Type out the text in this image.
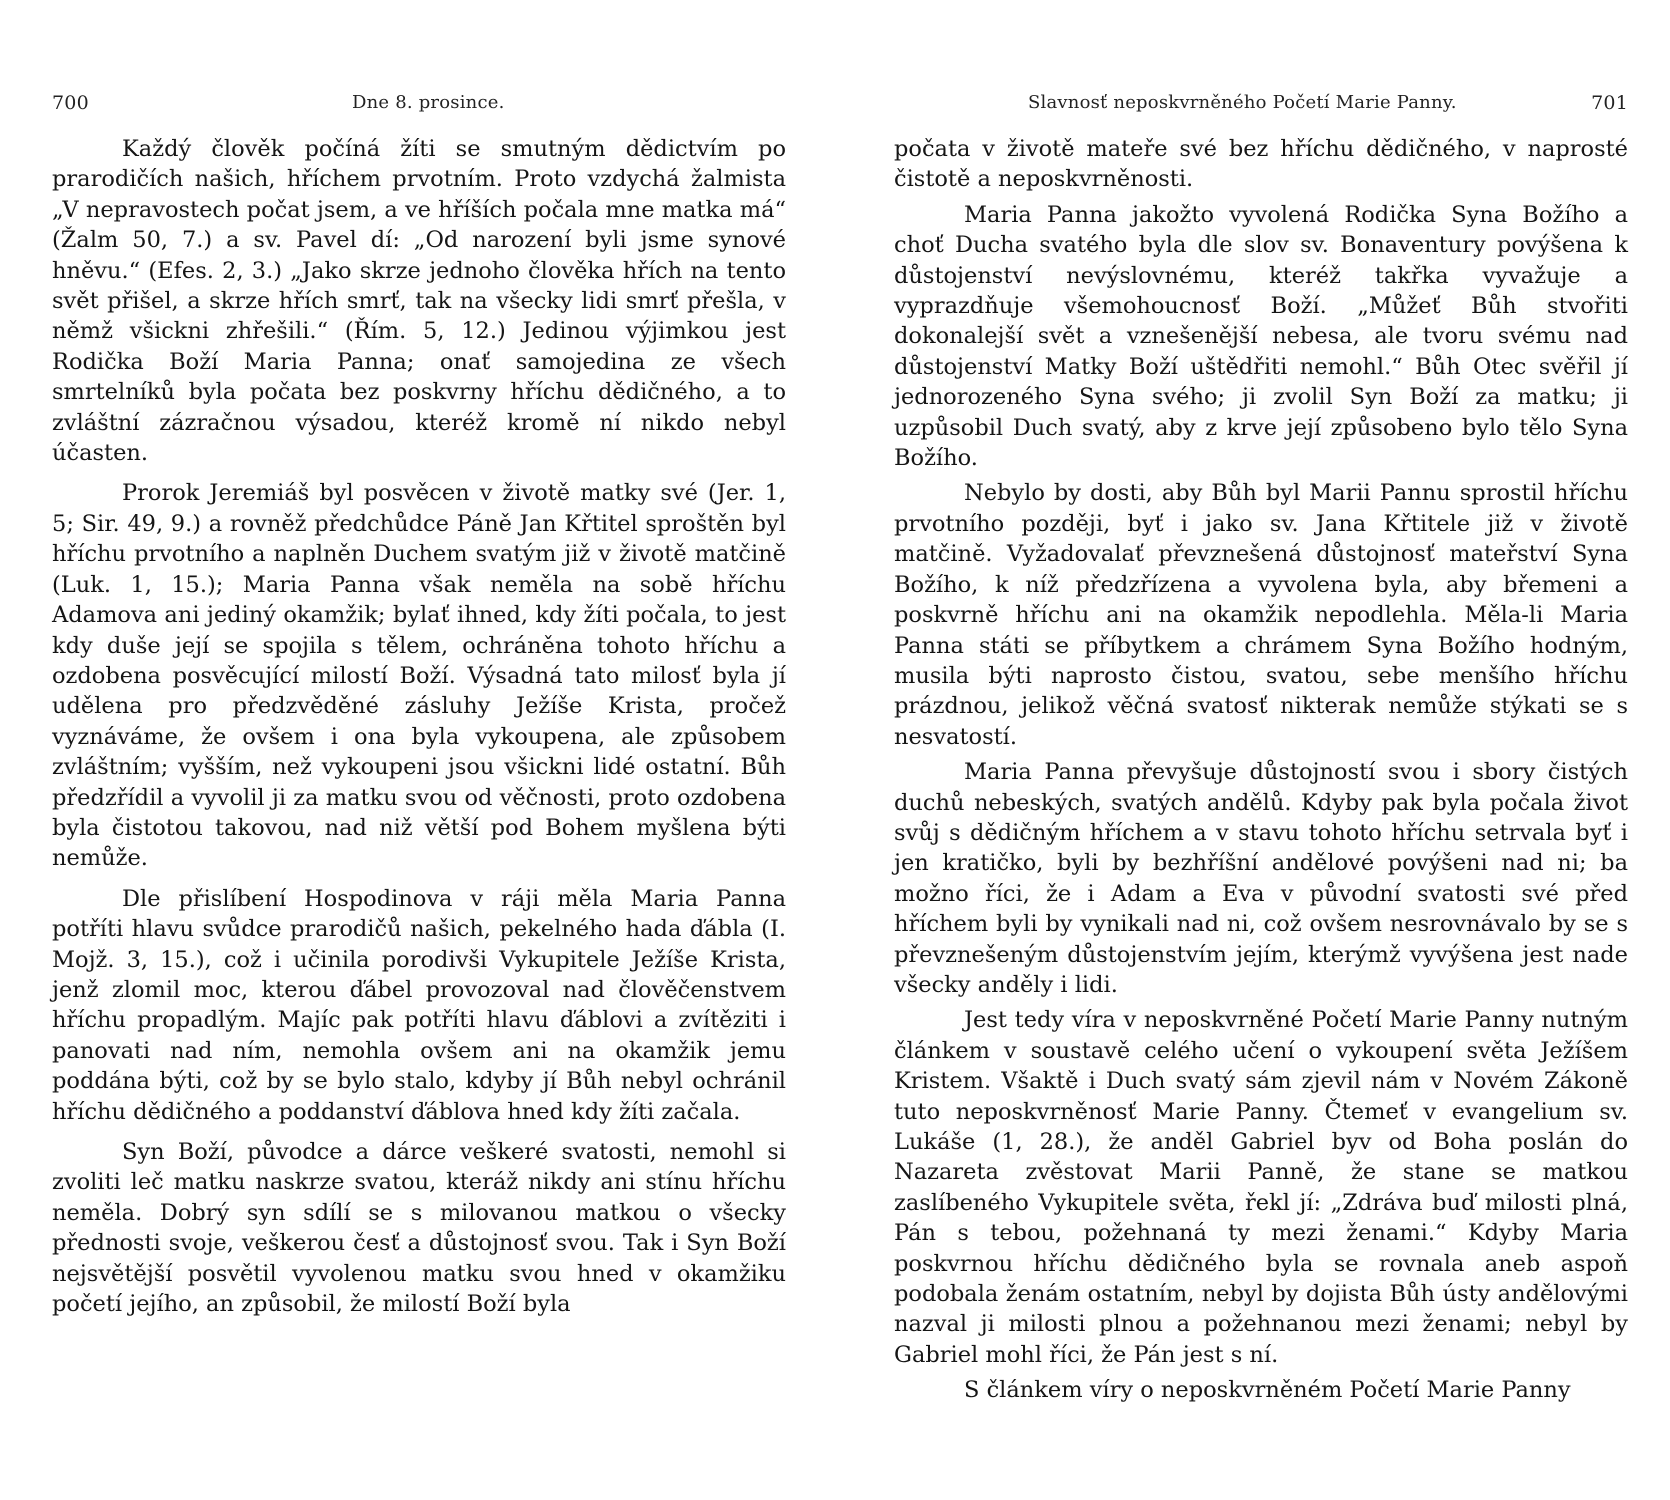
700	Dne 8. prosince.

Každý člověk počíná žíti se smutným dědictvím po prarodičích našich, hříchem prvotním. Proto vzdychá žalmista „V nepravostech počat jsem, a ve hříších počala mne matka má“ (Žalm 50, 7.) a sv. Pavel dí: „Od narození byli jsme synové hněvu.“ (Efes. 2, 3.) „Jako skrze jednoho člověka hřích na tento svět přišel, a skrze hřích smrť, tak na všecky lidi smrť přešla, v němž všickni zhřešili.“ (Řím. 5, 12.) Jedinou výjimkou jest Rodička Boží Maria Panna; onať samojedina ze všech smrtelníků byla počata bez poskvrny hříchu dědičného, a to zvláštní zázračnou výsadou, kteréž kromě ní nikdo nebyl účasten.

Prorok Jeremiáš byl posvěcen v životě matky své (Jer. 1, 5; Sir. 49, 9.) a rovněž předchůdce Páně Jan Křtitel sproštěn byl hříchu prvotního a naplněn Duchem svatým již v životě matčině (Luk. 1, 15.); Maria Panna však neměla na sobě hříchu Adamova ani jediný okamžik; bylať ihned, kdy žíti počala, to jest kdy duše její se spojila s tělem, ochráněna tohoto hříchu a ozdobena posvěcující milostí Boží. Výsadná tato milosť byla jí udělena pro předzvěděné zásluhy Ježíše Krista, pročež vyznáváme, že ovšem i ona byla vykoupena, ale způsobem zvláštním; vyšším, než vykoupeni jsou všickni lidé ostatní. Bůh předzřídil a vyvolil ji za matku svou od věčnosti, proto ozdobena byla čistotou takovou, nad niž větší pod Bohem myšlena býti nemůže.

Dle přislíbení Hospodinova v ráji měla Maria Panna potříti hlavu svůdce prarodičů našich, pekelného hada ďábla (I. Mojž. 3, 15.), což i učinila porodivši Vykupitele Ježíše Krista, jenž zlomil moc, kterou ďábel provozoval nad člověčenstvem hříchu propadlým. Majíc pak potříti hlavu ďáblovi a zvítěziti i panovati nad ním, nemohla ovšem ani na okamžik jemu poddána býti, což by se bylo stalo, kdyby jí Bůh nebyl ochránil hříchu dědičného a poddanství ďáblova hned kdy žíti začala.

Syn Boží, původce a dárce veškeré svatosti, nemohl si zvoliti leč matku naskrze svatou, kteráž nikdy ani stínu hříchu neměla. Dobrý syn sdílí se s milovanou matkou o všecky přednosti svoje, veškerou česť a důstojnosť svou. Tak i Syn Boží nejsvětější posvětil vyvolenou matku svou hned v okamžiku početí jejího, an způsobil, že milostí Boží byla

Slavnosť neposkvrněného Početí Marie Panny.	701

počata v životě mateře své bez hříchu dědičného, v naprosté čistotě a neposkvrněnosti.

Maria Panna jakožto vyvolená Rodička Syna Božího a choť Ducha svatého byla dle slov sv. Bonaventury povýšena k důstojenství nevýslovnému, kteréž takřka vyvažuje a vyprazdňuje všemohoucnosť Boží. „Můžeť Bůh stvořiti dokonalejší svět a vznešenější nebesa, ale tvoru svému nad důstojenství Matky Boží uštědřiti nemohl.“ Bůh Otec svěřil jí jednorozeného Syna svého; ji zvolil Syn Boží za matku; ji uzpůsobil Duch svatý, aby z krve její způsobeno bylo tělo Syna Božího.

Nebylo by dosti, aby Bůh byl Marii Pannu sprostil hříchu prvotního později, byť i jako sv. Jana Křtitele již v životě matčině. Vyžadovalať převznešená důstojnosť mateřství Syna Božího, k níž předzřízena a vyvolena byla, aby břemeni a poskvrně hříchu ani na okamžik nepodlehla. Měla-li Maria Panna státi se příbytkem a chrámem Syna Božího hodným, musila býti naprosto čistou, svatou, sebe menšího hříchu prázdnou, jelikož věčná svatosť nikterak nemůže stýkati se s nesvatostí.

Maria Panna převyšuje důstojností svou i sbory čistých duchů nebeských, svatých andělů. Kdyby pak byla počala život svůj s dědičným hříchem a v stavu tohoto hříchu setrvala byť i jen kratičko, byli by bezhříšní andělové povýšeni nad ni; ba možno říci, že i Adam a Eva v původní svatosti své před hříchem byli by vynikali nad ni, což ovšem nesrovnávalo by se s převznešeným důstojenstvím jejím, kterýmž vyvýšena jest nade všecky anděly i lidi.

Jest tedy víra v neposkvrněné Početí Marie Panny nutným článkem v soustavě celého učení o vykoupení světa Ježíšem Kristem. Všaktě i Duch svatý sám zjevil nám v Novém Zákoně tuto neposkvrněnosť Marie Panny. Čtemeť v evangelium sv. Lukáše (1, 28.), že anděl Gabriel byv od Boha poslán do Nazareta zvěstovat Marii Panně, že stane se matkou zaslíbeného Vykupitele světa, řekl jí: „Zdráva buď milosti plná, Pán s tebou, požehnaná ty mezi ženami.“ Kdyby Maria poskvrnou hříchu dědičného byla se rovnala aneb aspoň podobala ženám ostatním, nebyl by dojista Bůh ústy andělovými nazval ji milosti plnou a požehnanou mezi ženami; nebyl by Gabriel mohl říci, že Pán jest s ní.

S článkem víry o neposkvrněném Početí Marie Panny
